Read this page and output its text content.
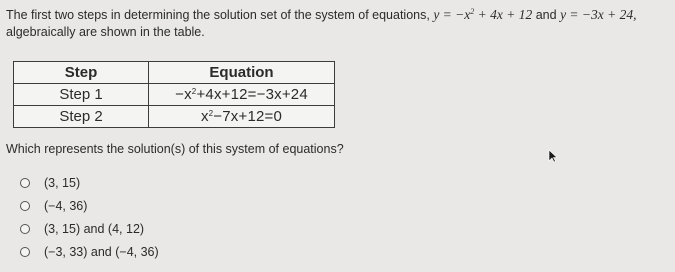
The first two steps in determining the solution set of the system of equations, $y = -x^2 + 4x + 12$ and y = −3x + 24,
algebraically are shown in the table.
Step	Equation
Step 1	$-x^2+4x+12=-3x+24$
Step 2	$x^2-7x+12=0$
Which represents the solution(s) of this system of equations?
(3, 15)
(−4, 36)
(3, 15) and (4, 12)
(−3, 33) and (−4, 36)
